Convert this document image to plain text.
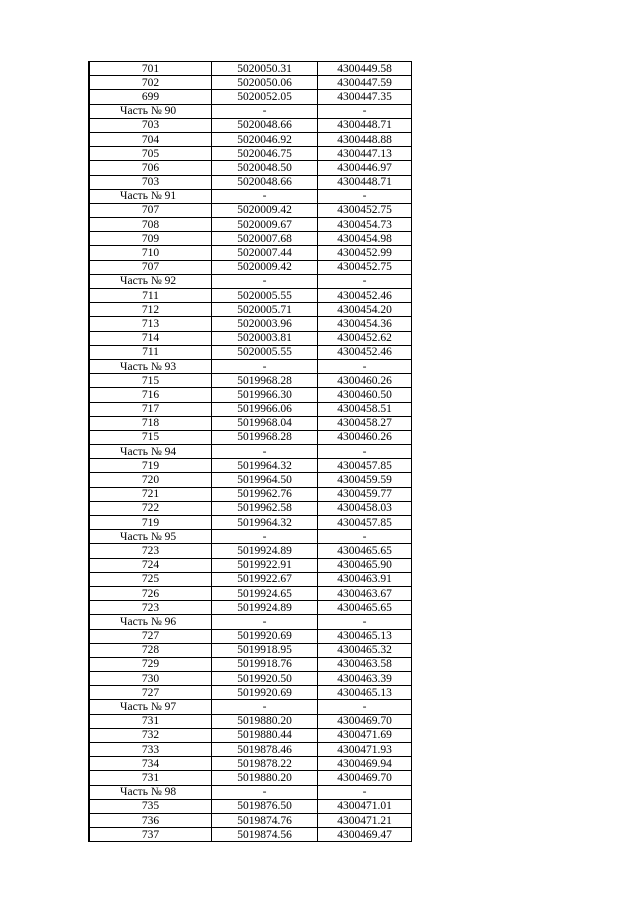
701	5020050.31	4300449.58
702	5020050.06	4300447.59
699	5020052.05	4300447.35
Часть № 90	-	-
703	5020048.66	4300448.71
704	5020046.92	4300448.88
705	5020046.75	4300447.13
706	5020048.50	4300446.97
703	5020048.66	4300448.71
Часть № 91	-	-
707	5020009.42	4300452.75
708	5020009.67	4300454.73
709	5020007.68	4300454.98
710	5020007.44	4300452.99
707	5020009.42	4300452.75
Часть № 92	-	-
711	5020005.55	4300452.46
712	5020005.71	4300454.20
713	5020003.96	4300454.36
714	5020003.81	4300452.62
711	5020005.55	4300452.46
Часть № 93	-	-
715	5019968.28	4300460.26
716	5019966.30	4300460.50
717	5019966.06	4300458.51
718	5019968.04	4300458.27
715	5019968.28	4300460.26
Часть № 94	-	-
719	5019964.32	4300457.85
720	5019964.50	4300459.59
721	5019962.76	4300459.77
722	5019962.58	4300458.03
719	5019964.32	4300457.85
Часть № 95	-	-
723	5019924.89	4300465.65
724	5019922.91	4300465.90
725	5019922.67	4300463.91
726	5019924.65	4300463.67
723	5019924.89	4300465.65
Часть № 96	-	-
727	5019920.69	4300465.13
728	5019918.95	4300465.32
729	5019918.76	4300463.58
730	5019920.50	4300463.39
727	5019920.69	4300465.13
Часть № 97	-	-
731	5019880.20	4300469.70
732	5019880.44	4300471.69
733	5019878.46	4300471.93
734	5019878.22	4300469.94
731	5019880.20	4300469.70
Часть № 98	-	-
735	5019876.50	4300471.01
736	5019874.76	4300471.21
737	5019874.56	4300469.47
